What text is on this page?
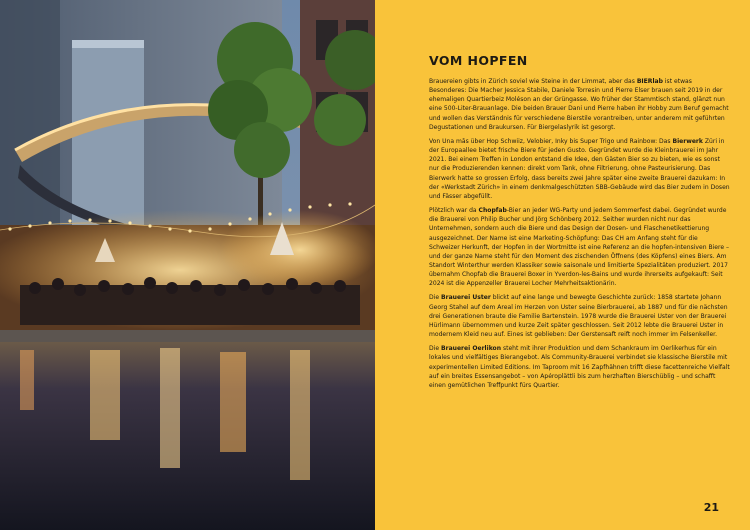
VOM HOPFEN

Brauereien gibts in Zürich soviel wie Steine in der Limmat, aber das BIERlab ist etwas Besonderes: Die Macher Jessica Stabile, Daniele Torresin und Pierre Elser brauen seit 2019 in der ehemaligen Quartierbeiz Moléson an der Grüngasse. Wo früher der Stammtisch stand, glänzt nun eine 500-Liter-Brauanlage. Die beiden Brauer Dani und Pierre haben ihr Hobby zum Beruf gemacht und wollen das Verständnis für verschiedene Bierstile vorantreiben, unter anderem mit geführten Degustationen und Braukursen. Für Biergelaslyrik ist gesorgt.

Von Una mās über Hop Schwiiz, Velobier, Inky bis Super Trigo und Rainbow: Das Bierwerk Züri in der Europaallee bietet frische Biere für jeden Gusto. Gegründet wurde die Kleinbrauerei im Jahr 2021. Bei einem Treffen in London entstand die Idee, den Gästen Bier so zu bieten, wie es sonst nur die Produzierenden kennen: direkt vom Tank, ohne Filtrierung, ohne Pasteurisierung. Das Bierwerk hatte so grossen Erfolg, dass bereits zwei Jahre später eine zweite Brauerei dazukam: In der «Werkstadt Zürich» in einem denkmalgeschützten SBB-Gebäude wird das Bier zudem in Dosen und Fässer abgefüllt.

Plötzlich war da Chopfab-Bier an jeder WG-Party und jedem Sommerfest dabei. Gegründet wurde die Brauerei von Philip Bucher und Jörg Schönberg 2012. Seither wurden nicht nur das Unternehmen, sondern auch die Biere und das Design der Dosen- und Flaschenetikettierung ausgezeichnet. Der Name ist eine Marketing-Schöpfung: Das CH am Anfang steht für die Schweizer Herkunft, der Hopfen in der Wortmitte ist eine Referenz an die hopfen-intensiven Biere – und der ganze Name steht für den Moment des zischenden Öffnens (des Köpfens) eines Biers. Am Standort Winterthur werden Klassiker sowie saisonale und limitierte Spezialitäten produziert. 2017 übernahm Chopfab die Brauerei Boxer in Yverdon-les-Bains und wurde ihrerseits aufgekauft: Seit 2024 ist die Appenzeller Brauerei Locher Mehrheitsaktionärin.

Die Brauerei Uster blickt auf eine lange und bewegte Geschichte zurück: 1858 startete Johann Georg Stahel auf dem Areal im Herzen von Uster seine Bierbrauerei, ab 1887 und für die nächsten drei Generationen braute die Familie Bartenstein. 1978 wurde die Brauerei Uster von der Brauerei Hürlimann übernommen und kurze Zeit später geschlossen. Seit 2012 lebte die Brauerei Uster in modernem Kleid neu auf. Eines ist geblieben: Der Gerstensaft reift noch immer im Felsenkeller.

Die Brauerei Oerlikon steht mit ihrer Produktion und dem Schankraum im Oerlikerhus für ein lokales und vielfältiges Bierangebot. Als Community-Brauerei verbindet sie klassische Bierstile mit experimentellen Limited Editions. Im Taproom mit 16 Zapfhähnen trifft diese facettenreiche Vielfalt auf ein breites Essensangebot – von Apéroplättli bis zum herzhaften Bierschüblig – und schafft einen gemütlichen Treffpunkt fürs Quartier.

21
